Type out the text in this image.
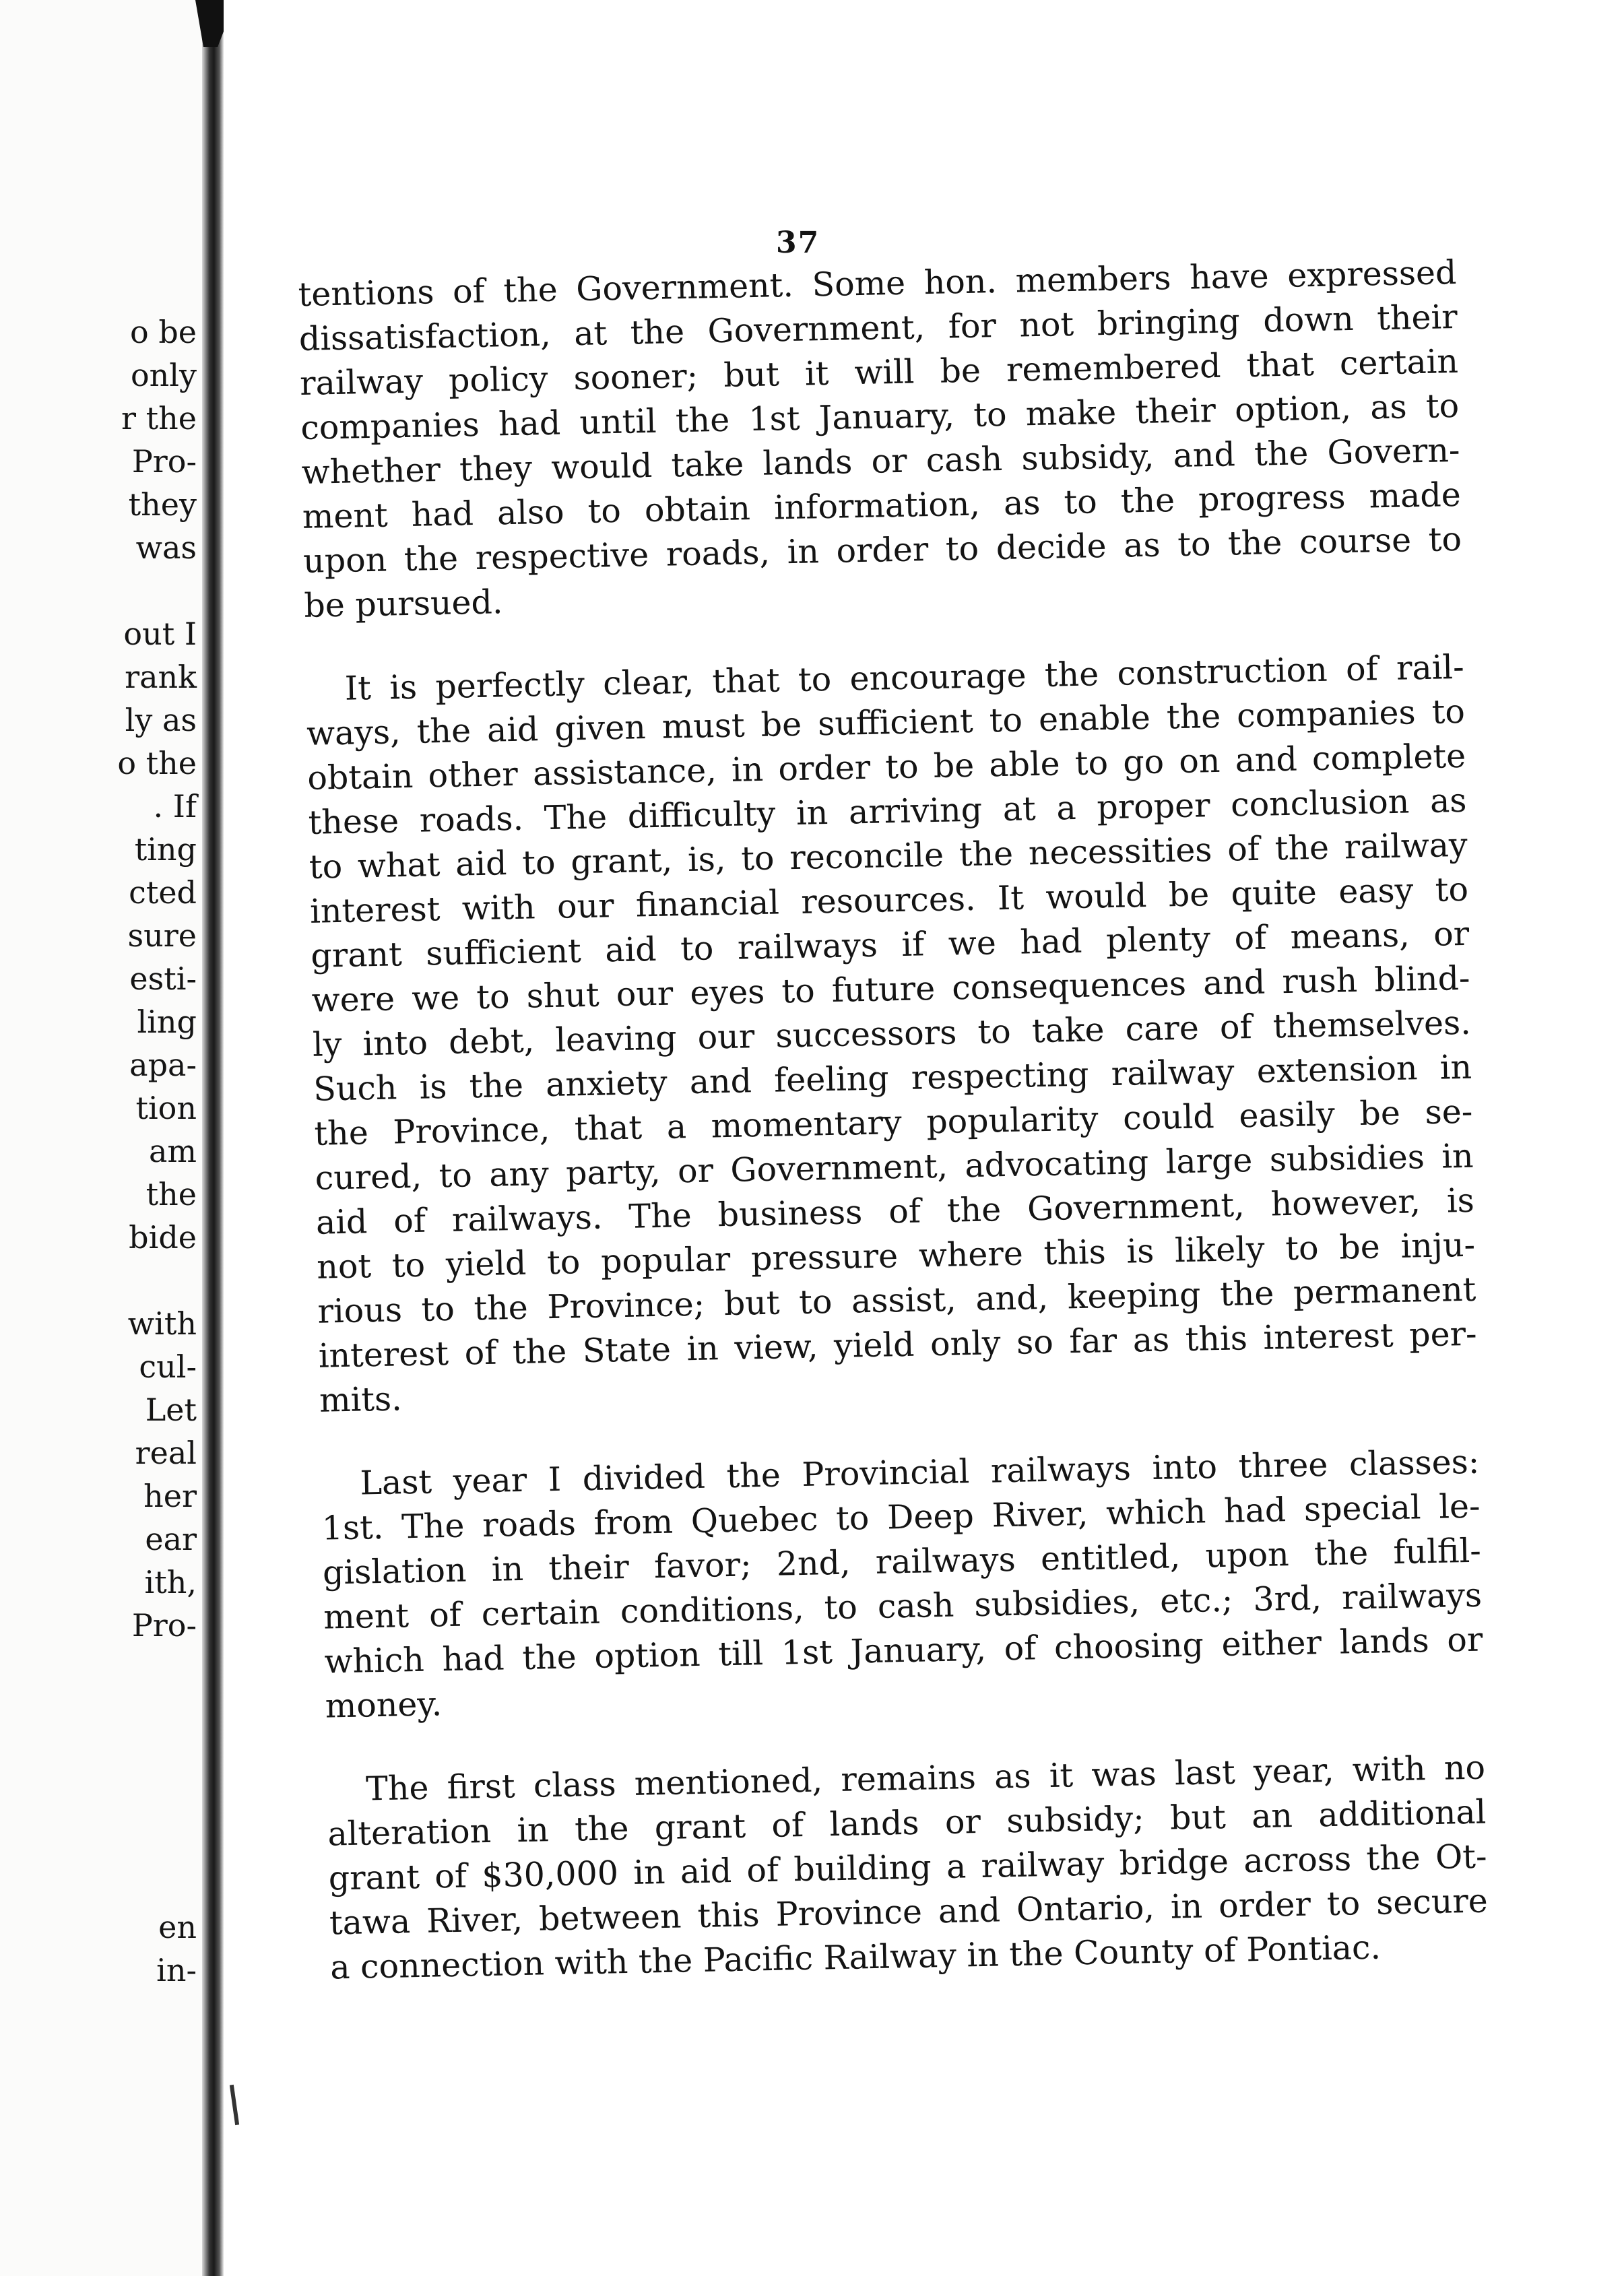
o be
only
r the
Pro-
they
was
out I
rank
ly as
o the
. If
ting
cted
sure
esti-
ling
apa-
tion
am
the
bide
with
cul-
Let
real
her
ear
ith,
Pro-
en
in-
37
tentions of the Government. Some hon. members have expressed
dissatisfaction, at the Government, for not bringing down their
railway policy sooner; but it will be remembered that certain
companies had until the 1st January, to make their option, as to
whether they would take lands or cash subsidy, and the Govern-
ment had also to obtain information, as to the progress made
upon the respective roads, in order to decide as to the course to
be pursued.
It is perfectly clear, that to encourage the construction of rail-
ways, the aid given must be sufficient to enable the companies to
obtain other assistance, in order to be able to go on and complete
these roads. The difficulty in arriving at a proper conclusion as
to what aid to grant, is, to reconcile the necessities of the railway
interest with our financial resources. It would be quite easy to
grant sufficient aid to railways if we had plenty of means, or
were we to shut our eyes to future consequences and rush blind-
ly into debt, leaving our successors to take care of themselves.
Such is the anxiety and feeling respecting railway extension in
the Province, that a momentary popularity could easily be se-
cured, to any party, or Government, advocating large subsidies in
aid of railways. The business of the Government, however, is
not to yield to popular pressure where this is likely to be inju-
rious to the Province; but to assist, and, keeping the permanent
interest of the State in view, yield only so far as this interest per-
mits.
Last year I divided the Provincial railways into three classes:
1st. The roads from Quebec to Deep River, which had special le-
gislation in their favor; 2nd, railways entitled, upon the fulfil-
ment of certain conditions, to cash subsidies, etc.; 3rd, railways
which had the option till 1st January, of choosing either lands or
money.
The first class mentioned, remains as it was last year, with no
alteration in the grant of lands or subsidy; but an additional
grant of $30,000 in aid of building a railway bridge across the Ot-
tawa River, between this Province and Ontario, in order to secure
a connection with the Pacific Railway in the County of Pontiac.
